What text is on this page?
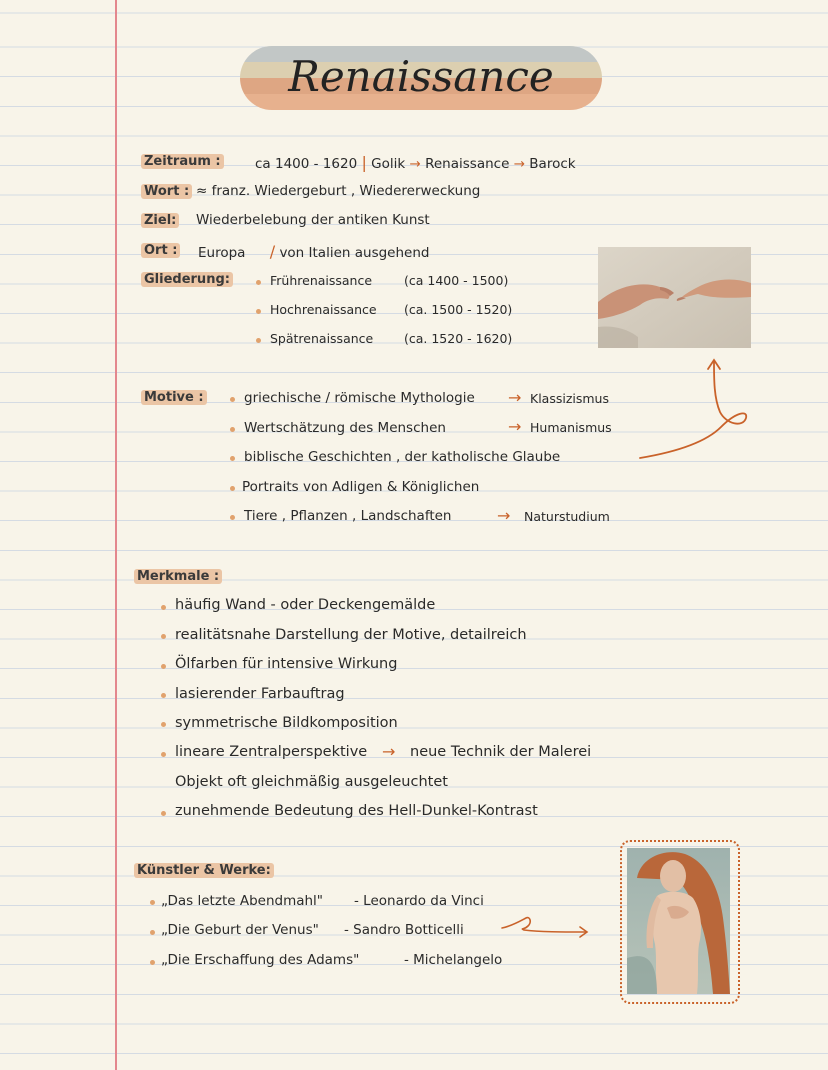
Renaissance
Zeitraum :	ca 1400 - 1620 | Golik → Renaissance → Barock
Wort : ≈ franz. Wiedergeburt , Wiedererweckung
Ziel: Wiederbelebung der antiken Kunst
Ort : Europa / von Italien ausgehend
Gliederung:	Frührenaissance	(ca 1400 - 1500)
Hochrenaissance (ca. 1500 - 1520)
Spätrenaissance (ca. 1520 - 1620)
Motive :	griechische / römische Mythologie → Klassizismus
Wertschätzung des Menschen	→ Humanismus
biblische Geschichten , der katholische Glaube
Portraits von Adligen & Königlichen
Tiere , Pflanzen , Landschaften	→ Naturstudium
Merkmale :
häufig Wand - oder Deckengemälde
realitätsnahe Darstellung der Motive, detailreich
Ölfarben für intensive Wirkung
lasierender Farbauftrag
symmetrische Bildkomposition
lineare Zentralperspektive → neue Technik der Malerei
Objekt oft gleichmäßig ausgeleuchtet
zunehmende Bedeutung des Hell-Dunkel-Kontrast
Künstler & Werke:
„Das letzte Abendmahl" - Leonardo da Vinci
„Die Geburt der Venus" - Sandro Botticelli
„Die Erschaffung des Adams"	- Michelangelo
